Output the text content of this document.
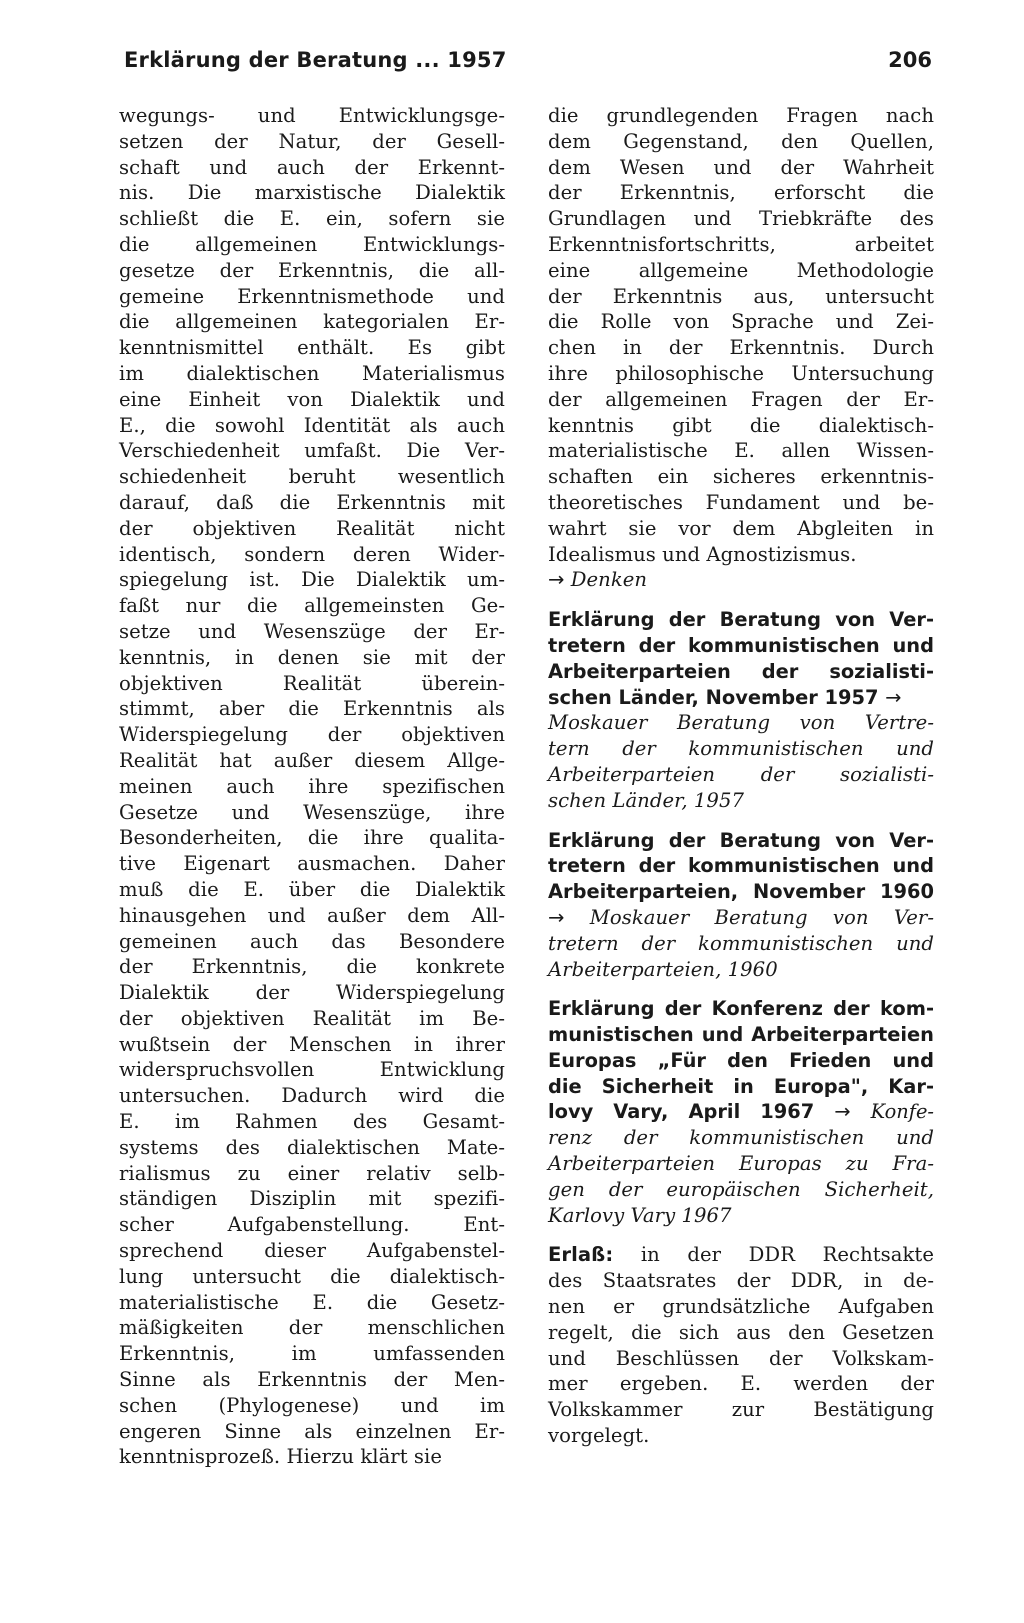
Erklärung der Beratung ... 1957	206
wegungs- und Entwicklungsge-
setzen der Natur, der Gesell-
schaft und auch der Erkennt-
nis. Die marxistische Dialektik
schließt die E. ein, sofern sie
die allgemeinen Entwicklungs-
gesetze der Erkenntnis, die all-
gemeine Erkenntnismethode und
die allgemeinen kategorialen Er-
kenntnismittel enthält. Es gibt
im dialektischen Materialismus
eine Einheit von Dialektik und
E., die sowohl Identität als auch
Verschiedenheit umfaßt. Die Ver-
schiedenheit beruht wesentlich
darauf, daß die Erkenntnis mit
der objektiven Realität nicht
identisch, sondern deren Wider-
spiegelung ist. Die Dialektik um-
faßt nur die allgemeinsten Ge-
setze und Wesenszüge der Er-
kenntnis, in denen sie mit der
objektiven Realität überein-
stimmt, aber die Erkenntnis als
Widerspiegelung der objektiven
Realität hat außer diesem Allge-
meinen auch ihre spezifischen
Gesetze und Wesenszüge, ihre
Besonderheiten, die ihre qualita-
tive Eigenart ausmachen. Daher
muß die E. über die Dialektik
hinausgehen und außer dem All-
gemeinen auch das Besondere
der Erkenntnis, die konkrete
Dialektik der Widerspiegelung
der objektiven Realität im Be-
wußtsein der Menschen in ihrer
widerspruchsvollen Entwicklung
untersuchen. Dadurch wird die
E. im Rahmen des Gesamt-
systems des dialektischen Mate-
rialismus zu einer relativ selb-
ständigen Disziplin mit spezifi-
scher Aufgabenstellung. Ent-
sprechend dieser Aufgabenstel-
lung untersucht die dialektisch-
materialistische E. die Gesetz-
mäßigkeiten der menschlichen
Erkenntnis, im umfassenden
Sinne als Erkenntnis der Men-
schen (Phylogenese) und im
engeren Sinne als einzelnen Er-
kenntnisprozeß. Hierzu klärt sie
die grundlegenden Fragen nach
dem Gegenstand, den Quellen,
dem Wesen und der Wahrheit
der Erkenntnis, erforscht die
Grundlagen und Triebkräfte des
Erkenntnisfortschritts, arbeitet
eine allgemeine Methodologie
der Erkenntnis aus, untersucht
die Rolle von Sprache und Zei-
chen in der Erkenntnis. Durch
ihre philosophische Untersuchung
der allgemeinen Fragen der Er-
kenntnis gibt die dialektisch-
materialistische E. allen Wissen-
schaften ein sicheres erkenntnis-
theoretisches Fundament und be-
wahrt sie vor dem Abgleiten in
Idealismus und Agnostizismus.
→ Denken
Erklärung der Beratung von Ver-
tretern der kommunistischen und
Arbeiterparteien der sozialisti-
schen Länder, November 1957 →
Moskauer Beratung von Vertre-
tern der kommunistischen und
Arbeiterparteien der sozialisti-
schen Länder, 1957
Erklärung der Beratung von Ver-
tretern der kommunistischen und
Arbeiterparteien, November 1960
→ Moskauer Beratung von Ver-
tretern der kommunistischen und
Arbeiterparteien, 1960
Erklärung der Konferenz der kom-
munistischen und Arbeiterparteien
Europas „Für den Frieden und
die Sicherheit in Europa", Kar-
lovy Vary, April 1967 → Konfe-
renz der kommunistischen und
Arbeiterparteien Europas zu Fra-
gen der europäischen Sicherheit,
Karlovy Vary 1967
Erlaß: in der DDR Rechtsakte
des Staatsrates der DDR, in de-
nen er grundsätzliche Aufgaben
regelt, die sich aus den Gesetzen
und Beschlüssen der Volkskam-
mer ergeben. E. werden der
Volkskammer zur Bestätigung
vorgelegt.
